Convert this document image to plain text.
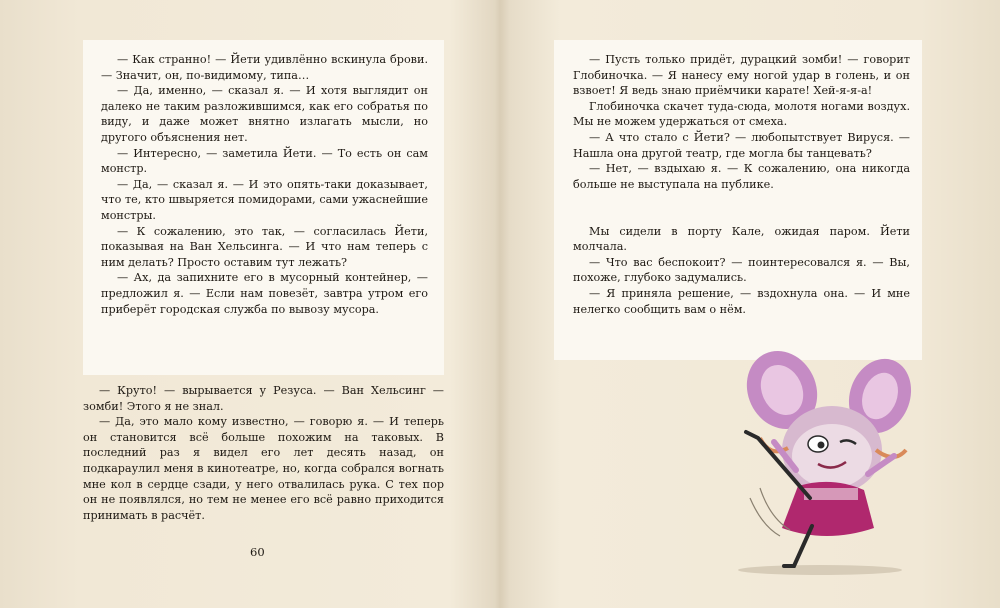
— Как странно! — Йети удивлённо вскинула брови. — Значит, он, по-видимому, типа…

— Да, именно, — сказал я. — И хотя выглядит он далеко не таким разложившимся, как его собратья по виду, и даже может внятно излагать мысли, но другого объяснения нет.

— Интересно, — заметила Йети. — То есть он сам монстр.

— Да, — сказал я. — И это опять-таки доказывает, что те, кто швыряется помидорами, сами ужаснейшие монстры.

— К сожалению, это так, — согласилась Йети, показывая на Ван Хельсинга. — И что нам теперь с ним делать? Просто оставим тут лежать?

— Ах, да запихните его в мусорный контейнер, — предложил я. — Если нам повезёт, завтра утром его приберёт городская служба по вывозу мусора.

— Круто! — вырывается у Резуса. — Ван Хельсинг — зомби! Этого я не знал.

— Да, это мало кому известно, — говорю я. — И теперь он становится всё больше похожим на таковых. В последний раз я видел его лет десять назад, он подкараулил меня в кинотеатре, но, когда собрался вогнать мне кол в сердце сзади, у него отвалилась рука. С тех пор он не появлялся, но тем не менее его всё равно приходится принимать в расчёт.

60

— Пусть только придёт, дурацкий зомби! — говорит Глобиночка. — Я нанесу ему ногой удар в голень, и он взвоет! Я ведь знаю приёмчики карате! Хей-я-я-а!

Глобиночка скачет туда-сюда, молотя ногами воздух. Мы не можем удержаться от смеха.

— А что стало с Йети? — любопытствует Вируся. — Нашла она другой театр, где могла бы танцевать?

— Нет, — вздыхаю я. — К сожалению, она никогда больше не выступала на публике.

Мы сидели в порту Кале, ожидая паром. Йети молчала.

— Что вас беспокоит? — поинтересовался я. — Вы, похоже, глубоко задумались.

— Я приняла решение, — вздохнула она. — И мне нелегко сообщить вам о нём.
